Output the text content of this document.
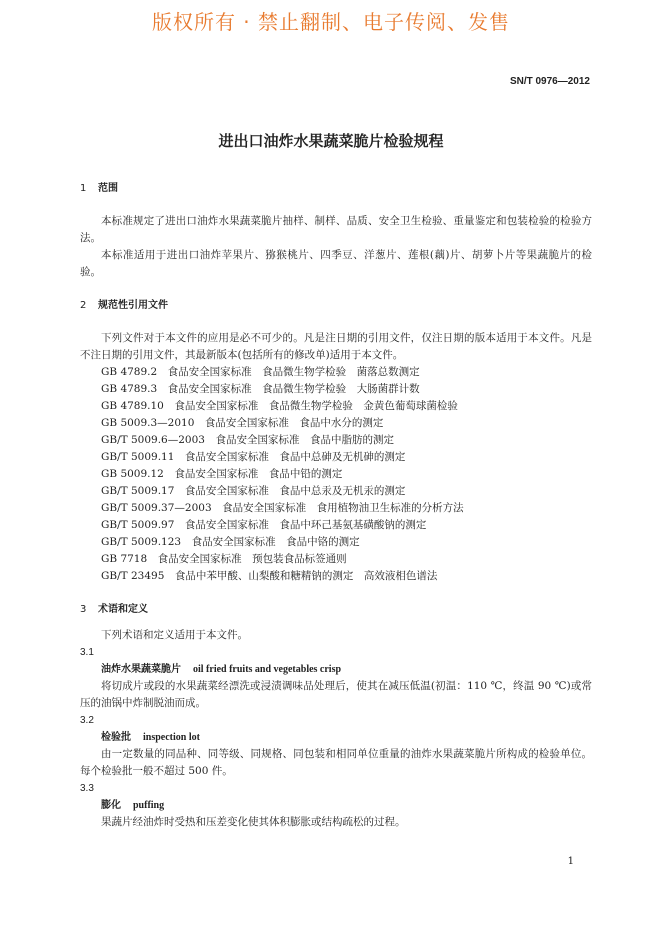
版权所有 · 禁止翻制、电子传阅、发售
SN/T 0976—2012
进出口油炸水果蔬菜脆片检验规程
1 范围

本标准规定了进出口油炸水果蔬菜脆片抽样、制样、品质、安全卫生检验、重量鉴定和包装检验的检验方法。

本标准适用于进出口油炸苹果片、猕猴桃片、四季豆、洋葱片、莲根(藕)片、胡萝卜片等果蔬脆片的检验。

2 规范性引用文件

下列文件对于本文件的应用是必不可少的。凡是注日期的引用文件，仅注日期的版本适用于本文件。凡是不注日期的引用文件，其最新版本(包括所有的修改单)适用于本文件。

GB 4789.2　食品安全国家标准　食品微生物学检验　菌落总数测定

GB 4789.3　食品安全国家标准　食品微生物学检验　大肠菌群计数

GB 4789.10　食品安全国家标准　食品微生物学检验　金黄色葡萄球菌检验

GB 5009.3—2010　食品安全国家标准　食品中水分的测定

GB/T 5009.6—2003　食品安全国家标准　食品中脂肪的测定

GB/T 5009.11　食品安全国家标准　食品中总砷及无机砷的测定

GB 5009.12　食品安全国家标准　食品中铅的测定

GB/T 5009.17　食品安全国家标准　食品中总汞及无机汞的测定

GB/T 5009.37—2003　食品安全国家标准　食用植物油卫生标准的分析方法

GB/T 5009.97　食品安全国家标准　食品中环己基氨基磺酸钠的测定

GB/T 5009.123　食品安全国家标准　食品中铬的测定

GB 7718　食品安全国家标准　预包装食品标签通则

GB/T 23495　食品中苯甲酸、山梨酸和糖精钠的测定　高效液相色谱法

3 术语和定义

下列术语和定义适用于本文件。

3.1

油炸水果蔬菜脆片 oil fried fruits and vegetables crisp

将切成片或段的水果蔬菜经漂洗或浸渍调味品处理后，使其在减压低温(初温：110 ℃，终温 90 ℃)或常压的油锅中炸制脱油而成。

3.2

检验批 inspection lot

由一定数量的同品种、同等级、同规格、同包装和相同单位重量的油炸水果蔬菜脆片所构成的检验单位。每个检验批一般不超过 500 件。

3.3

膨化 puffing

果蔬片经油炸时受热和压差变化使其体积膨胀或结构疏松的过程。

1
